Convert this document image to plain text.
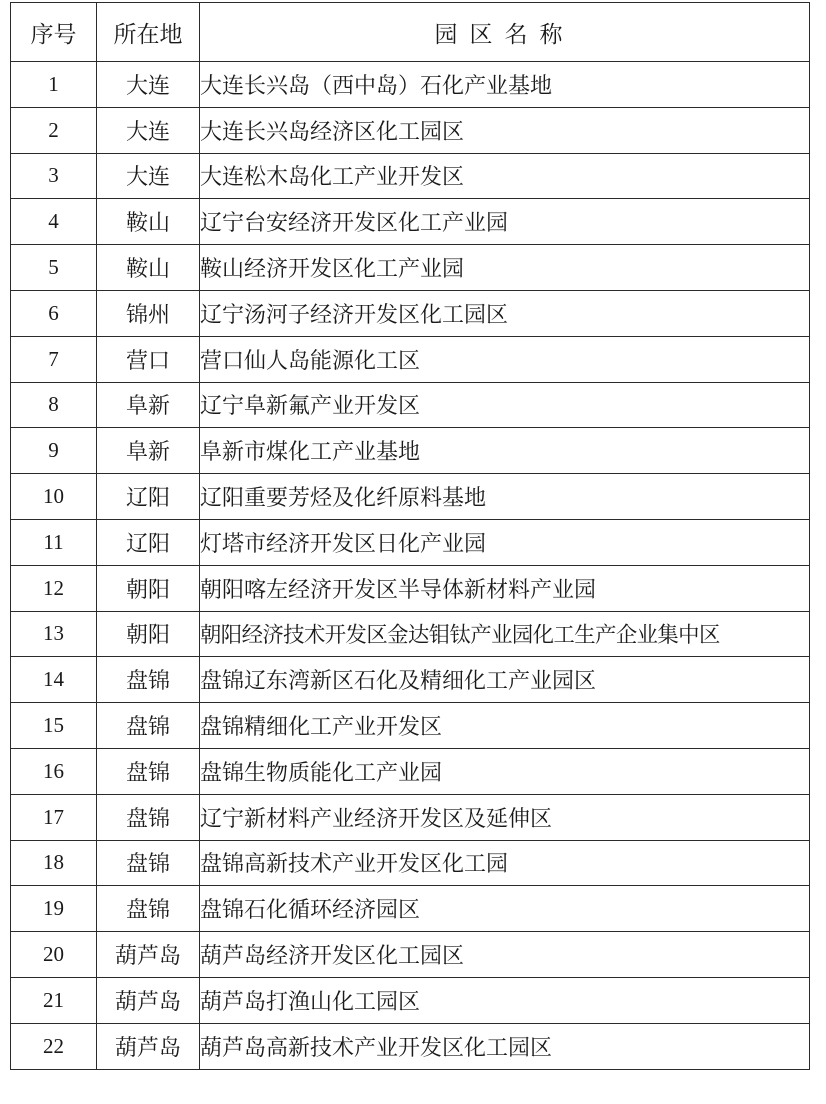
序号	所在地	园区名称
1	大连	大连长兴岛（西中岛）石化产业基地
2	大连	大连长兴岛经济区化工园区
3	大连	大连松木岛化工产业开发区
4	鞍山	辽宁台安经济开发区化工产业园
5	鞍山	鞍山经济开发区化工产业园
6	锦州	辽宁汤河子经济开发区化工园区
7	营口	营口仙人岛能源化工区
8	阜新	辽宁阜新氟产业开发区
9	阜新	阜新市煤化工产业基地
10	辽阳	辽阳重要芳烃及化纤原料基地
11	辽阳	灯塔市经济开发区日化产业园
12	朝阳	朝阳喀左经济开发区半导体新材料产业园
13	朝阳	朝阳经济技术开发区金达钼钛产业园化工生产企业集中区
14	盘锦	盘锦辽东湾新区石化及精细化工产业园区
15	盘锦	盘锦精细化工产业开发区
16	盘锦	盘锦生物质能化工产业园
17	盘锦	辽宁新材料产业经济开发区及延伸区
18	盘锦	盘锦高新技术产业开发区化工园
19	盘锦	盘锦石化循环经济园区
20	葫芦岛	葫芦岛经济开发区化工园区
21	葫芦岛	葫芦岛打渔山化工园区
22	葫芦岛	葫芦岛高新技术产业开发区化工园区
